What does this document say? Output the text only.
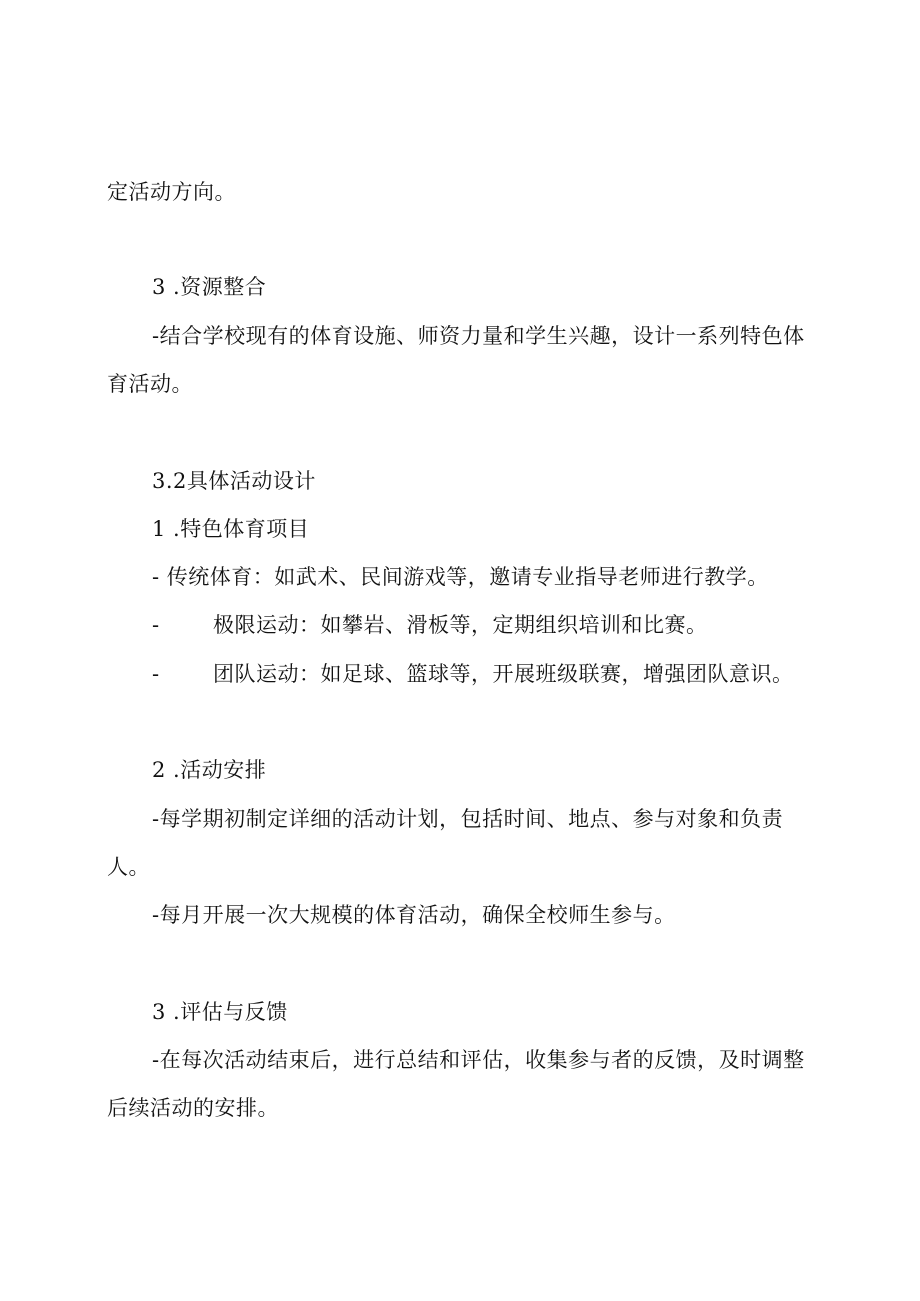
定活动方向。
3 .资源整合
-结合学校现有的体育设施、师资力量和学生兴趣，设计一系列特色体
育活动。
3.2具体活动设计
1 .特色体育项目
- 传统体育：如武术、民间游戏等，邀请专业指导老师进行教学。
-	极限运动：如攀岩、滑板等，定期组织培训和比赛。
-	团队运动：如足球、篮球等，开展班级联赛，增强团队意识。
2 .活动安排
-每学期初制定详细的活动计划，包括时间、地点、参与对象和负责
人。
-每月开展一次大规模的体育活动，确保全校师生参与。
3 .评估与反馈
-在每次活动结束后，进行总结和评估，收集参与者的反馈，及时调整
后续活动的安排。
